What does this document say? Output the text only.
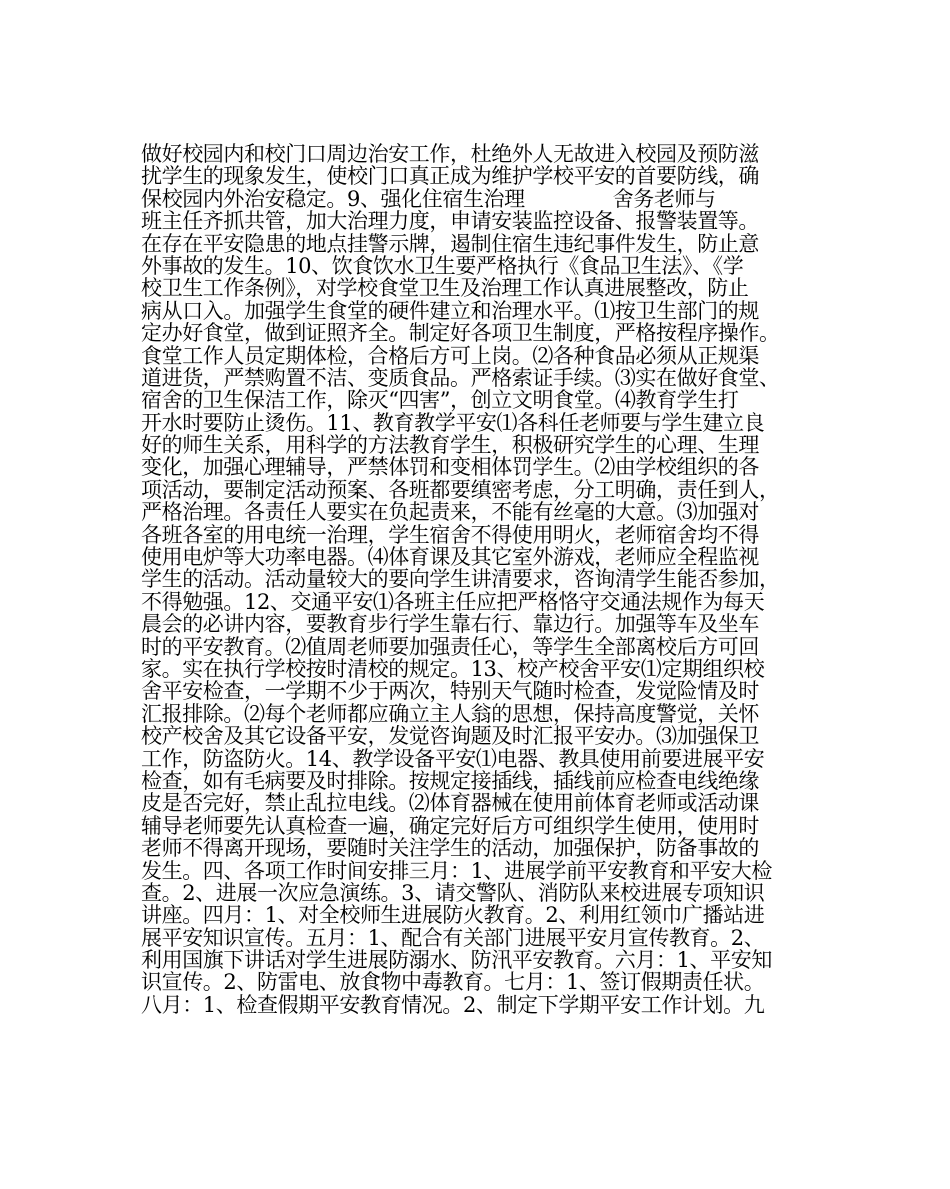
做好校园内和校门口周边治安工作，杜绝外人无故进入校园及预防滋
扰学生的现象发生，使校门口真正成为维护学校平安的首要防线，确
保校园内外治安稳定。9、强化住宿生治理              舍务老师与
班主任齐抓共管，加大治理力度，申请安装监控设备、报警装置等。
在存在平安隐患的地点挂警示牌，遏制住宿生违纪事件发生，防止意
外事故的发生。10、饮食饮水卫生要严格执行《食品卫生法》、《学
校卫生工作条例》，对学校食堂卫生及治理工作认真进展整改，防止
病从口入。加强学生食堂的硬件建立和治理水平。⑴按卫生部门的规
定办好食堂，做到证照齐全。制定好各项卫生制度，严格按程序操作。
食堂工作人员定期体检，合格后方可上岗。⑵各种食品必须从正规渠
道进货，严禁购置不洁、变质食品。严格索证手续。⑶实在做好食堂、
宿舍的卫生保洁工作，除灭“四害”，创立文明食堂。⑷教育学生打
开水时要防止烫伤。11、教育教学平安⑴各科任老师要与学生建立良
好的师生关系，用科学的方法教育学生，积极研究学生的心理、生理
变化，加强心理辅导，严禁体罚和变相体罚学生。⑵由学校组织的各
项活动，要制定活动预案、各班都要缜密考虑，分工明确，责任到人，
严格治理。各责任人要实在负起责来，不能有丝毫的大意。⑶加强对
各班各室的用电统一治理，学生宿舍不得使用明火，老师宿舍均不得
使用电炉等大功率电器。⑷体育课及其它室外游戏，老师应全程监视
学生的活动。活动量较大的要向学生讲清要求，咨询清学生能否参加，
不得勉强。12、交通平安⑴各班主任应把严格恪守交通法规作为每天
晨会的必讲内容，要教育步行学生靠右行、靠边行。加强等车及坐车
时的平安教育。⑵值周老师要加强责任心，等学生全部离校后方可回
家。实在执行学校按时清校的规定。13、校产校舍平安⑴定期组织校
舍平安检查，一学期不少于两次，特别天气随时检查，发觉险情及时
汇报排除。⑵每个老师都应确立主人翁的思想，保持高度警觉，关怀
校产校舍及其它设备平安，发觉咨询题及时汇报平安办。⑶加强保卫
工作，防盗防火。14、教学设备平安⑴电器、教具使用前要进展平安
检查，如有毛病要及时排除。按规定接插线，插线前应检查电线绝缘
皮是否完好，禁止乱拉电线。⑵体育器械在使用前体育老师或活动课
辅导老师要先认真检查一遍，确定完好后方可组织学生使用，使用时
老师不得离开现场，要随时关注学生的活动，加强保护，防备事故的
发生。四、各项工作时间安排三月：1、进展学前平安教育和平安大检
查。2、进展一次应急演练。3、请交警队、消防队来校进展专项知识
讲座。四月：1、对全校师生进展防火教育。2、利用红领巾广播站进
展平安知识宣传。五月：1、配合有关部门进展平安月宣传教育。2、
利用国旗下讲话对学生进展防溺水、防汛平安教育。六月：1、平安知
识宣传。2、防雷电、放食物中毒教育。七月：1、签订假期责任状。
八月：1、检查假期平安教育情况。2、制定下学期平安工作计划。九
